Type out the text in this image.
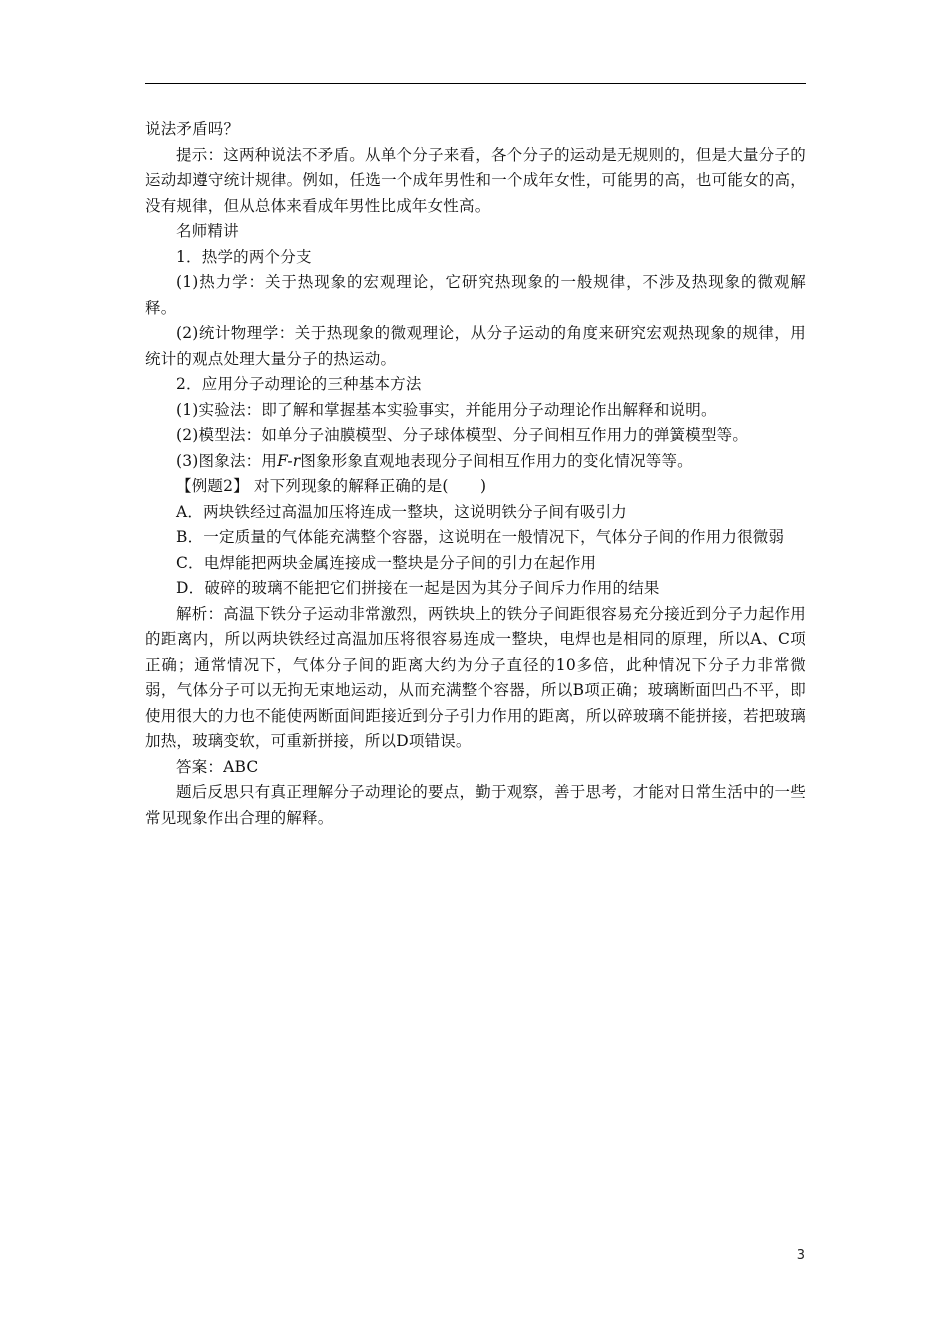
说法矛盾吗？

提示：这两种说法不矛盾。从单个分子来看，各个分子的运动是无规则的，但是大量分子的运动却遵守统计规律。例如，任选一个成年男性和一个成年女性，可能男的高，也可能女的高，没有规律，但从总体来看成年男性比成年女性高。

名师精讲

1．热学的两个分支

(1)热力学：关于热现象的宏观理论，它研究热现象的一般规律，不涉及热现象的微观解释。

(2)统计物理学：关于热现象的微观理论，从分子运动的角度来研究宏观热现象的规律，用统计的观点处理大量分子的热运动。

2．应用分子动理论的三种基本方法

(1)实验法：即了解和掌握基本实验事实，并能用分子动理论作出解释和说明。

(2)模型法：如单分子油膜模型、分子球体模型、分子间相互作用力的弹簧模型等。

(3)图象法：用F-r图象形象直观地表现分子间相互作用力的变化情况等等。

【例题2】 对下列现象的解释正确的是(　　)

A．两块铁经过高温加压将连成一整块，这说明铁分子间有吸引力

B．一定质量的气体能充满整个容器，这说明在一般情况下，气体分子间的作用力很微弱

C．电焊能把两块金属连接成一整块是分子间的引力在起作用

D．破碎的玻璃不能把它们拼接在一起是因为其分子间斥力作用的结果

解析：高温下铁分子运动非常激烈，两铁块上的铁分子间距很容易充分接近到分子力起作用的距离内，所以两块铁经过高温加压将很容易连成一整块，电焊也是相同的原理，所以A、C项正确；通常情况下，气体分子间的距离大约为分子直径的10多倍，此种情况下分子力非常微弱，气体分子可以无拘无束地运动，从而充满整个容器，所以B项正确；玻璃断面凹凸不平，即使用很大的力也不能使两断面间距接近到分子引力作用的距离，所以碎玻璃不能拼接，若把玻璃加热，玻璃变软，可重新拼接，所以D项错误。

答案：ABC

题后反思只有真正理解分子动理论的要点，勤于观察，善于思考，才能对日常生活中的一些常见现象作出合理的解释。

3
